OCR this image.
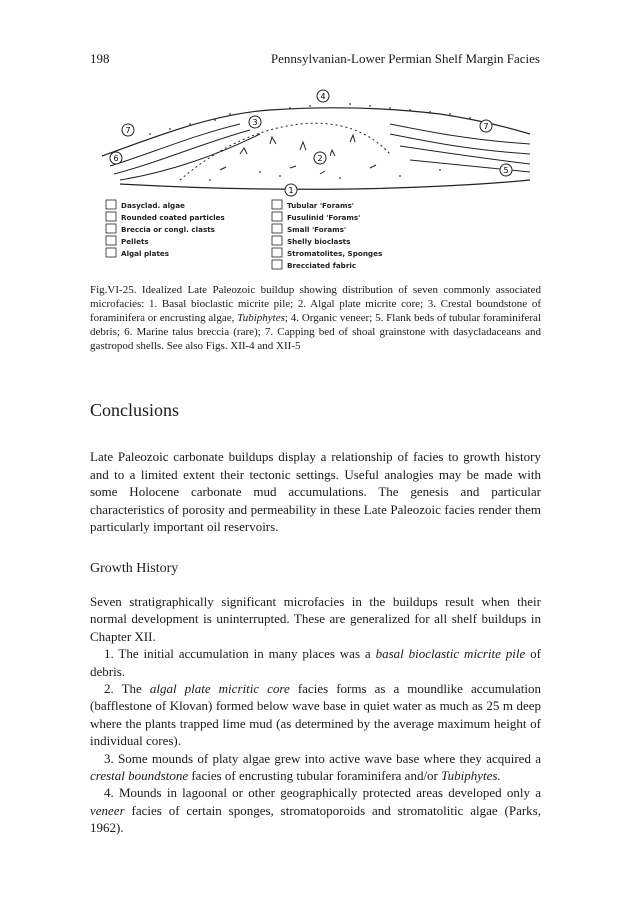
198	Pennsylvanian-Lower Permian Shelf Margin Facies
1
2
3
4
5
6
7	7
Dasyclad. algae
Rounded coated particles
Breccia or congl. clasts
Pellets
Algal plates
Tubular 'Forams'
Fusulinid 'Forams'
Small 'Forams'
Shelly bioclasts
Stromatolites, Sponges
Brecciated fabric
Fig.VI-25. Idealized Late Paleozoic buildup showing distribution of seven commonly associated microfacies: 1. Basal bioclastic micrite pile; 2. Algal plate micrite core; 3. Crestal boundstone of foraminifera or encrusting algae, Tubiphytes; 4. Organic veneer; 5. Flank beds of tubular foraminiferal debris; 6. Marine talus breccia (rare); 7. Capping bed of shoal grainstone with dasycladaceans and gastropod shells. See also Figs. XII-4 and XII-5
Conclusions

Late Paleozoic carbonate buildups display a relationship of facies to growth history and to a limited extent their tectonic settings. Useful analogies may be made with some Holocene carbonate mud accumulations. The genesis and particular characteristics of porosity and permeability in these Late Paleozoic facies render them particularly important oil reservoirs.

Growth History

Seven stratigraphically significant microfacies in the buildups result when their normal development is uninterrupted. These are generalized for all shelf buildups in Chapter XII.

1. The initial accumulation in many places was a basal bioclastic micrite pile of debris.

2. The algal plate micritic core facies forms as a moundlike accumulation (bafflestone of Klovan) formed below wave base in quiet water as much as 25 m deep where the plants trapped lime mud (as determined by the average maximum height of individual cores).

3. Some mounds of platy algae grew into active wave base where they acquired a crestal boundstone facies of encrusting tubular foraminifera and/or Tubiphytes.

4. Mounds in lagoonal or other geographically protected areas developed only a veneer facies of certain sponges, stromatoporoids and stromatolitic algae (Parks, 1962).
